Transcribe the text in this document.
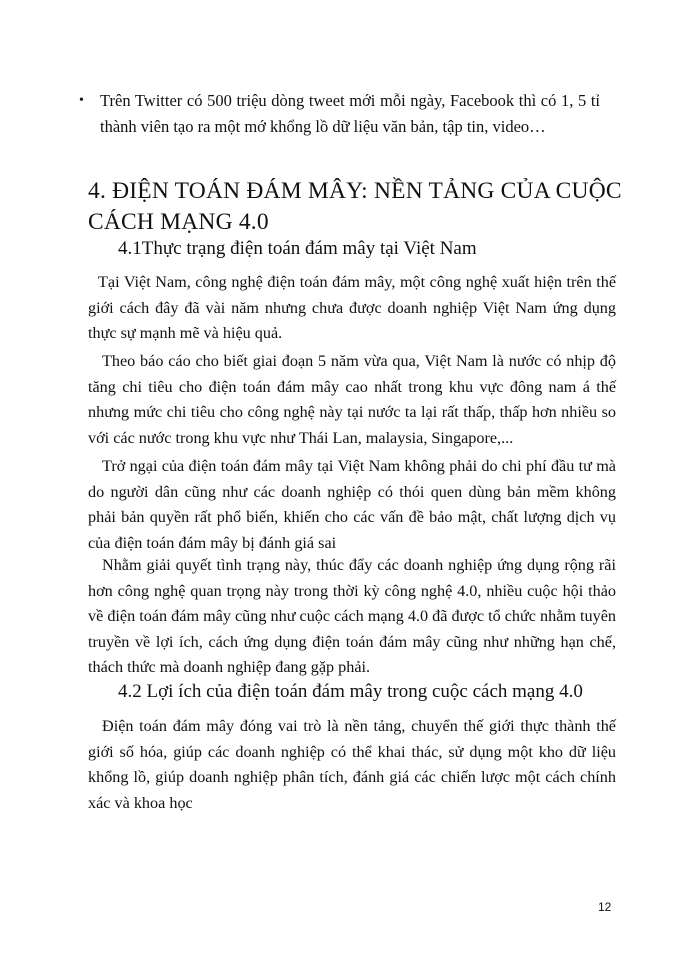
• Trên Twitter có 500 triệu dòng tweet mới mỗi ngày, Facebook thì có 1, 5 tỉ thành viên tạo ra một mớ khổng lồ dữ liệu văn bản, tập tin, video…
4. ĐIỆN TOÁN ĐÁM MÂY: NỀN TẢNG CỦA CUỘC CÁCH MẠNG 4.0
4.1Thực trạng điện toán đám mây tại Việt Nam
Tại Việt Nam, công nghệ điện toán đám mây, một công nghệ xuất hiện trên thế giới cách đây đã vài năm nhưng chưa được doanh nghiệp Việt Nam ứng dụng thực sự mạnh mẽ và hiệu quả.
Theo báo cáo cho biết giai đoạn 5 năm vừa qua, Việt Nam là nước có nhịp độ tăng chi tiêu cho điện toán đám mây cao nhất trong khu vực đông nam á thế nhưng mức chi tiêu cho công nghệ này tại nước ta lại rất thấp, thấp hơn nhiều so với các nước trong khu vực như Thái Lan, malaysia, Singapore,...
Trở ngại của điện toán đám mây tại Việt Nam không phải do chi phí đầu tư mà do người dân cũng như các doanh nghiệp có thói quen dùng bản mềm không phải bản quyền rất phổ biến, khiến cho các vấn đề bảo mật, chất lượng dịch vụ của điện toán đám mây bị đánh giá sai
Nhằm giải quyết tình trạng này, thúc đẩy các doanh nghiệp ứng dụng rộng rãi hơn công nghệ quan trọng này trong thời kỳ công nghệ 4.0, nhiều cuộc hội thảo về điện toán đám mây cũng như cuộc cách mạng 4.0 đã được tổ chức nhằm tuyên truyền về lợi ích, cách ứng dụng điện toán đám mây cũng như những hạn chế, thách thức mà doanh nghiệp đang gặp phải.
4.2 Lợi ích của điện toán đám mây trong cuộc cách mạng 4.0
Điện toán đám mây đóng vai trò là nền tảng, chuyển thế giới thực thành thế giới số hóa, giúp các doanh nghiệp có thể khai thác, sử dụng một kho dữ liệu khổng lồ, giúp doanh nghiệp phân tích, đánh giá các chiến lược một cách chính xác và khoa học
12
